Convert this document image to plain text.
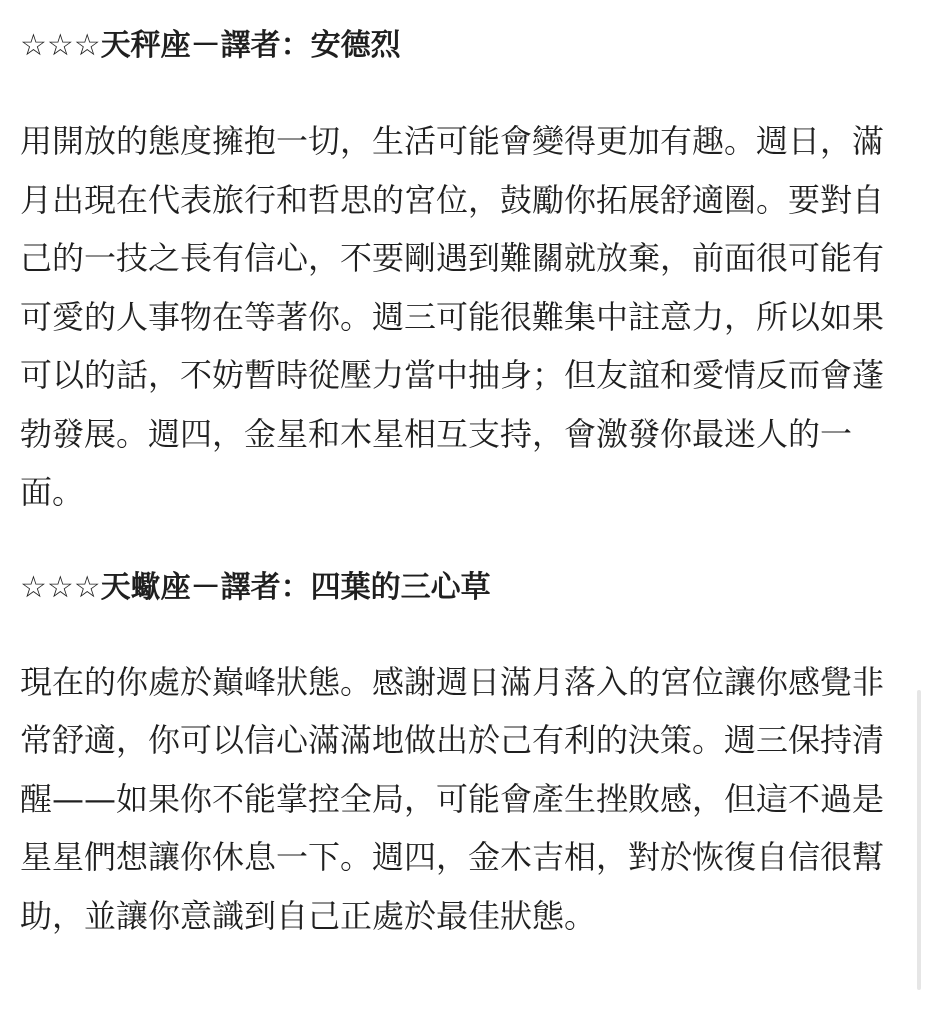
☆☆☆天秤座－譯者：安德烈

用開放的態度擁抱一切，生活可能會變得更加有趣。週日，滿月出現在代表旅行和哲思的宮位，鼓勵你拓展舒適圈。要對自己的一技之長有信心，不要剛遇到難關就放棄，前面很可能有可愛的人事物在等著你。週三可能很難集中註意力，所以如果可以的話，不妨暫時從壓力當中抽身；但友誼和愛情反而會蓬勃發展。週四，金星和木星相互支持，會激發你最迷人的一面。

☆☆☆天蠍座－譯者：四葉的三心草

現在的你處於巔峰狀態。感謝週日滿月落入的宮位讓你感覺非常舒適，你可以信心滿滿地做出於己有利的決策。週三保持清醒——如果你不能掌控全局，可能會產生挫敗感，但這不過是星星們想讓你休息一下。週四，金木吉相，對於恢復自信很幫助，並讓你意識到自己正處於最佳狀態。
